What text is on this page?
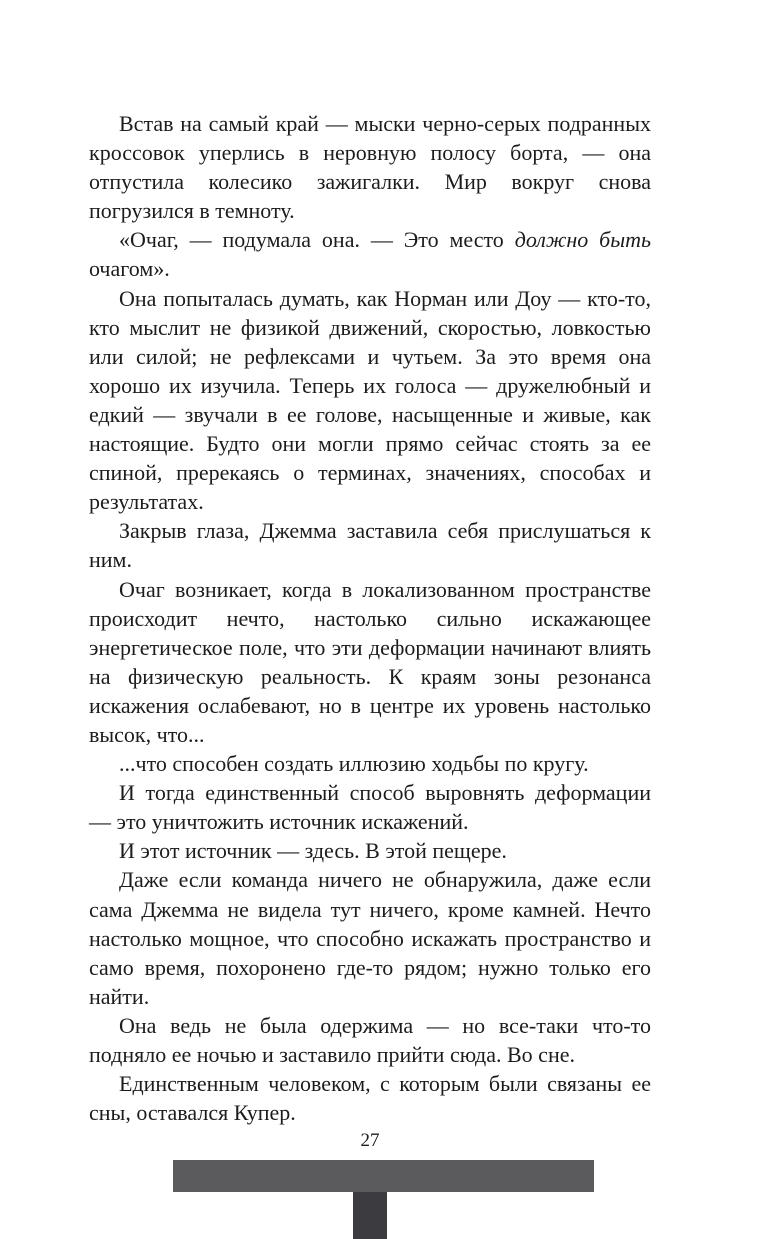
Встав на самый край — мыски черно-серых подранных кроссовок уперлись в неровную полосу борта, — она отпустила колесико зажигалки. Мир вокруг снова погрузился в темноту.

«Очаг, — подумала она. — Это место должно быть очагом».

Она попыталась думать, как Норман или Доу — кто-то, кто мыслит не физикой движений, скоростью, ловкостью или силой; не рефлексами и чутьем. За это время она хорошо их изучила. Теперь их голоса — дружелюбный и едкий — звучали в ее голове, насыщенные и живые, как настоящие. Будто они могли прямо сейчас стоять за ее спиной, пререкаясь о терминах, значениях, способах и результатах.

Закрыв глаза, Джемма заставила себя прислушаться к ним.

Очаг возникает, когда в локализованном пространстве происходит нечто, настолько сильно искажающее энергетическое поле, что эти деформации начинают влиять на физическую реальность. К краям зоны резонанса искажения ослабевают, но в центре их уровень настолько высок, что...

...что способен создать иллюзию ходьбы по кругу.

И тогда единственный способ выровнять деформации — это уничтожить источник искажений.

И этот источник — здесь. В этой пещере.

Даже если команда ничего не обнаружила, даже если сама Джемма не видела тут ничего, кроме камней. Нечто настолько мощное, что способно искажать пространство и само время, похоронено где-то рядом; нужно только его найти.

Она ведь не была одержима — но все-таки что-то подняло ее ночью и заставило прийти сюда. Во сне.

Единственным человеком, с которым были связаны ее сны, оставался Купер.

27
